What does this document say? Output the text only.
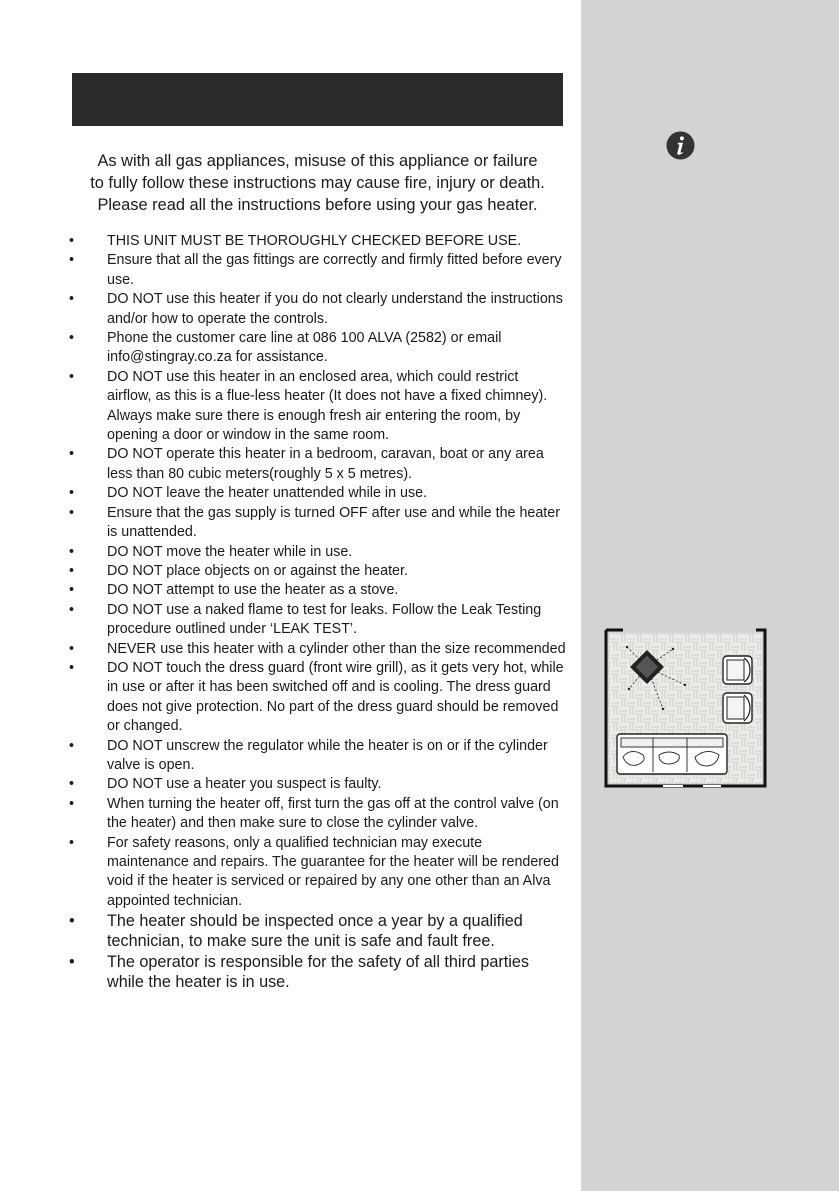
As with all gas appliances, misuse of this appliance or failure
to fully follow these instructions may cause fire, injury or death.
Please read all the instructions before using your gas heater.
• THIS UNIT MUST BE THOROUGHLY CHECKED BEFORE USE.
• Ensure that all the gas fittings are correctly and firmly fitted before every use.
• DO NOT use this heater if you do not clearly understand the instructions and/or how to operate the controls.
• Phone the customer care line at 086 100 ALVA (2582) or email info@stingray.co.za for assistance.
• DO NOT use this heater in an enclosed area, which could restrict airflow, as this is a flue-less heater (It does not have a fixed chimney). Always make sure there is enough fresh air entering the room, by opening a door or window in the same room.
• DO NOT operate this heater in a bedroom, caravan, boat or any area less than 80 cubic meters(roughly 5 x 5 metres).
• DO NOT leave the heater unattended while in use.
• Ensure that the gas supply is turned OFF after use and while the heater is unattended.
• DO NOT move the heater while in use.
• DO NOT place objects on or against the heater.
• DO NOT attempt to use the heater as a stove.
• DO NOT use a naked flame to test for leaks. Follow the Leak Testing procedure outlined under ‘LEAK TEST’.
• NEVER use this heater with a cylinder other than the size recommended
• DO NOT touch the dress guard (front wire grill), as it gets very hot, while in use or after it has been switched off and is cooling. The dress guard does not give protection. No part of the dress guard should be removed or changed.
• DO NOT unscrew the regulator while the heater is on or if the cylinder valve is open.
• DO NOT use a heater you suspect is faulty.
• When turning the heater off, first turn the gas off at the control valve (on the heater) and then make sure to close the cylinder valve.
• For safety reasons, only a qualified technician may execute maintenance and repairs. The guarantee for the heater will be rendered void if the heater is serviced or repaired by any one other than an Alva appointed technician.
• The heater should be inspected once a year by a qualified technician, to make sure the unit is safe and fault free.
• The operator is responsible for the safety of all third parties while the heater is in use.
